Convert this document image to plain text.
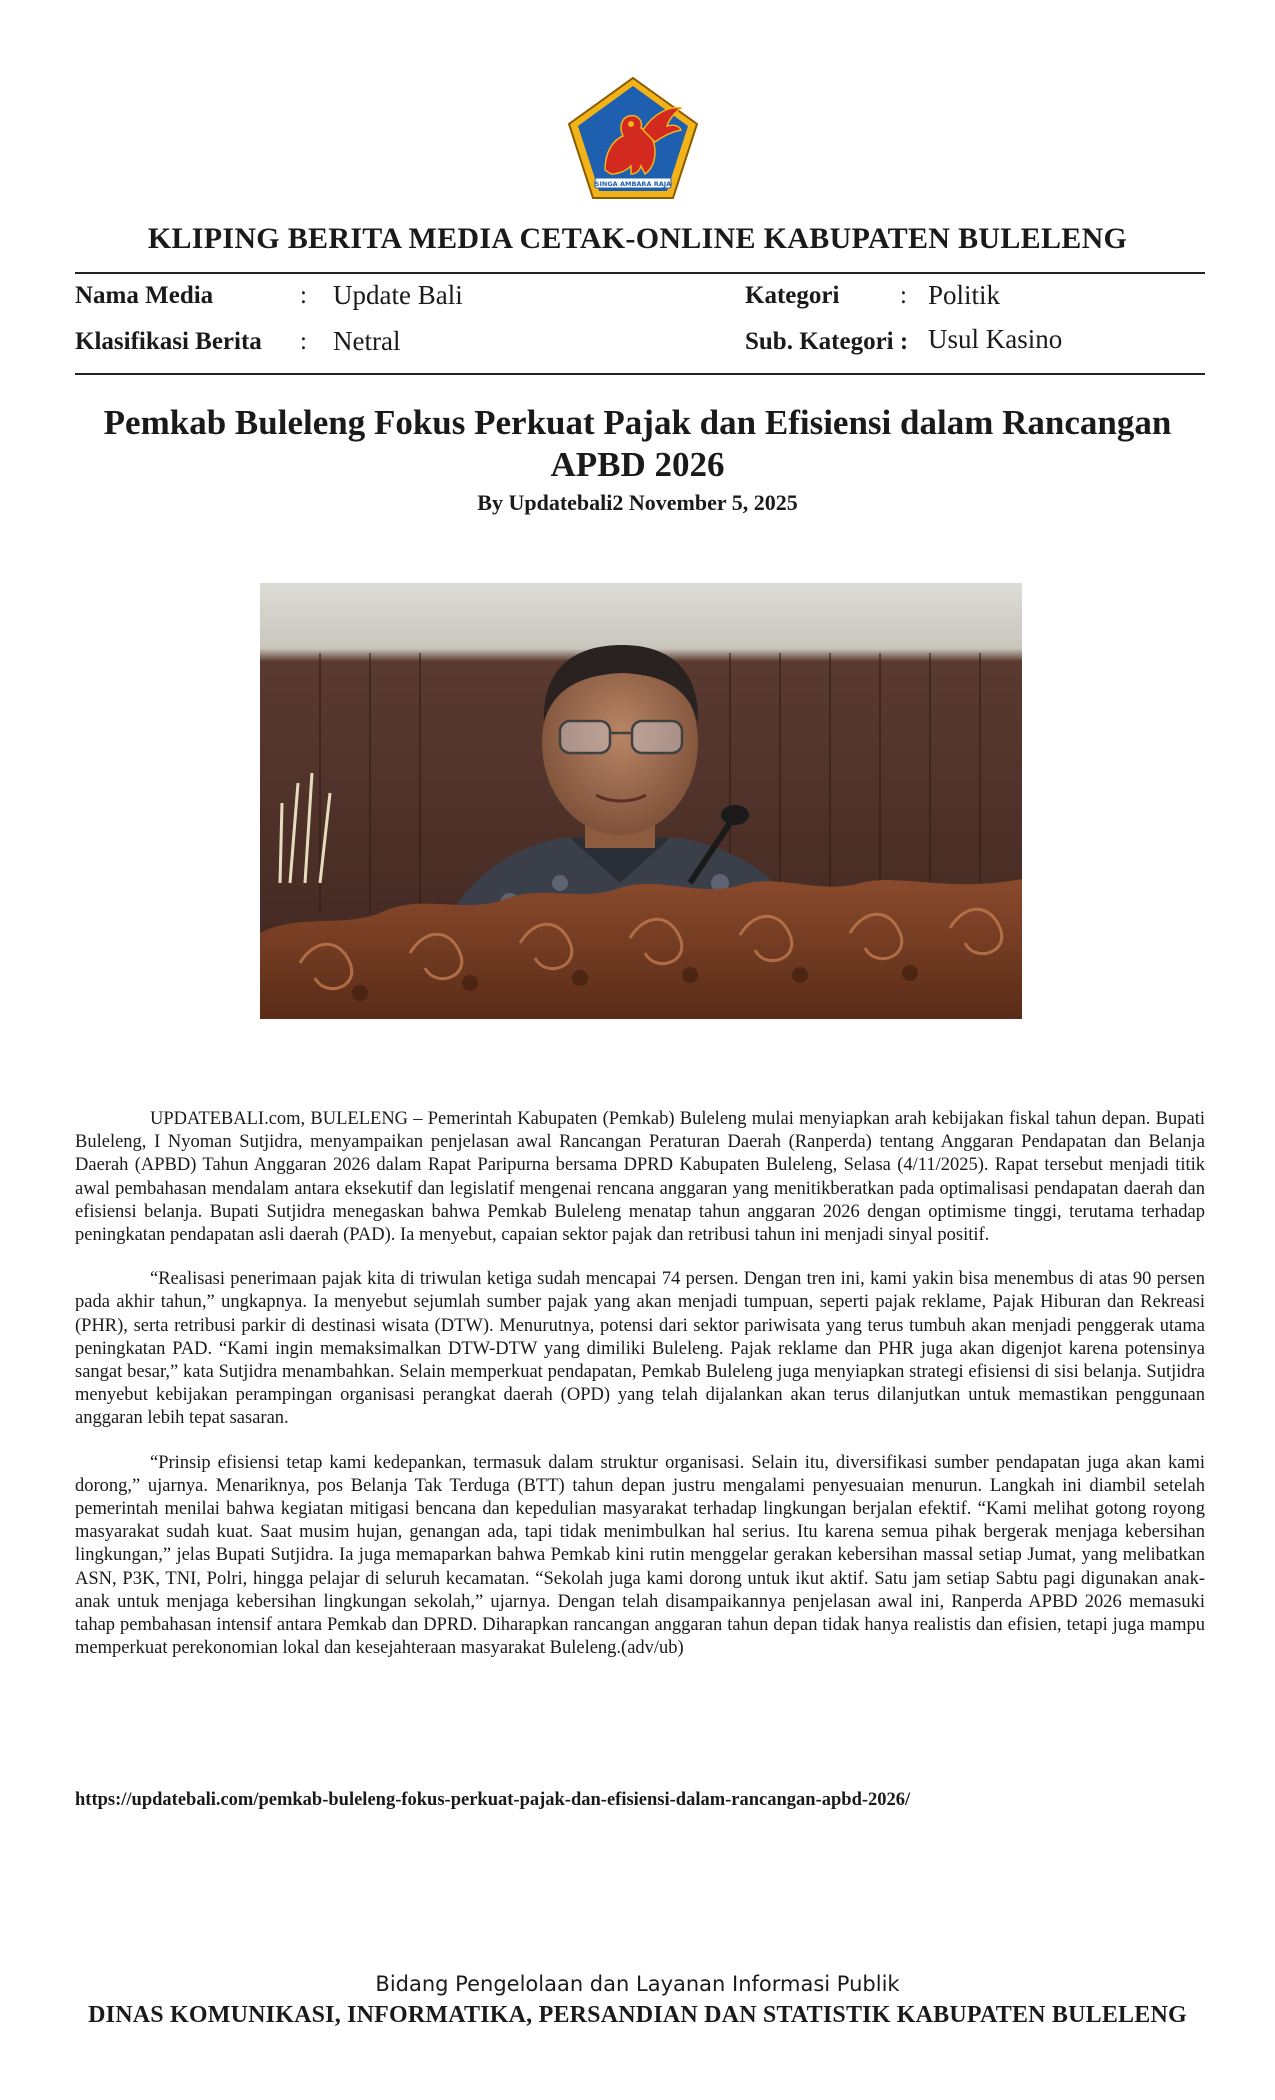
SINGA AMBARA RAJA
KLIPING BERITA MEDIA CETAK-ONLINE KABUPATEN BULELENG
Nama Media	: Update Bali
Klasifikasi Berita : Netral
Kategori : Politik
Sub. Kategori : Usul Kasino
Pemkab Buleleng Fokus Perkuat Pajak dan Efisiensi dalam Rancangan APBD 2026
By Updatebali2 November 5, 2025

UPDATEBALI.com, BULELENG – Pemerintah Kabupaten (Pemkab) Buleleng mulai menyiapkan arah kebijakan fiskal tahun depan. Bupati Buleleng, I Nyoman Sutjidra, menyampaikan penjelasan awal Rancangan Peraturan Daerah (Ranperda) tentang Anggaran Pendapatan dan Belanja Daerah (APBD) Tahun Anggaran 2026 dalam Rapat Paripurna bersama DPRD Kabupaten Buleleng, Selasa (4/11/2025). Rapat tersebut menjadi titik awal pembahasan mendalam antara eksekutif dan legislatif mengenai rencana anggaran yang menitikberatkan pada optimalisasi pendapatan daerah dan efisiensi belanja. Bupati Sutjidra menegaskan bahwa Pemkab Buleleng menatap tahun anggaran 2026 dengan optimisme tinggi, terutama terhadap peningkatan pendapatan asli daerah (PAD). Ia menyebut, capaian sektor pajak dan retribusi tahun ini menjadi sinyal positif.

“Realisasi penerimaan pajak kita di triwulan ketiga sudah mencapai 74 persen. Dengan tren ini, kami yakin bisa menembus di atas 90 persen pada akhir tahun,” ungkapnya. Ia menyebut sejumlah sumber pajak yang akan menjadi tumpuan, seperti pajak reklame, Pajak Hiburan dan Rekreasi (PHR), serta retribusi parkir di destinasi wisata (DTW). Menurutnya, potensi dari sektor pariwisata yang terus tumbuh akan menjadi penggerak utama peningkatan PAD. “Kami ingin memaksimalkan DTW-DTW yang dimiliki Buleleng. Pajak reklame dan PHR juga akan digenjot karena potensinya sangat besar,” kata Sutjidra menambahkan. Selain memperkuat pendapatan, Pemkab Buleleng juga menyiapkan strategi efisiensi di sisi belanja. Sutjidra menyebut kebijakan perampingan organisasi perangkat daerah (OPD) yang telah dijalankan akan terus dilanjutkan untuk memastikan penggunaan anggaran lebih tepat sasaran.

“Prinsip efisiensi tetap kami kedepankan, termasuk dalam struktur organisasi. Selain itu, diversifikasi sumber pendapatan juga akan kami dorong,” ujarnya. Menariknya, pos Belanja Tak Terduga (BTT) tahun depan justru mengalami penyesuaian menurun. Langkah ini diambil setelah pemerintah menilai bahwa kegiatan mitigasi bencana dan kepedulian masyarakat terhadap lingkungan berjalan efektif. “Kami melihat gotong royong masyarakat sudah kuat. Saat musim hujan, genangan ada, tapi tidak menimbulkan hal serius. Itu karena semua pihak bergerak menjaga kebersihan lingkungan,” jelas Bupati Sutjidra. Ia juga memaparkan bahwa Pemkab kini rutin menggelar gerakan kebersihan massal setiap Jumat, yang melibatkan ASN, P3K, TNI, Polri, hingga pelajar di seluruh kecamatan. “Sekolah juga kami dorong untuk ikut aktif. Satu jam setiap Sabtu pagi digunakan anak-anak untuk menjaga kebersihan lingkungan sekolah,” ujarnya. Dengan telah disampaikannya penjelasan awal ini, Ranperda APBD 2026 memasuki tahap pembahasan intensif antara Pemkab dan DPRD. Diharapkan rancangan anggaran tahun depan tidak hanya realistis dan efisien, tetapi juga mampu memperkuat perekonomian lokal dan kesejahteraan masyarakat Buleleng.(adv/ub)

https://updatebali.com/pemkab-buleleng-fokus-perkuat-pajak-dan-efisiensi-dalam-rancangan-apbd-2026/
Bidang Pengelolaan dan Layanan Informasi Publik
DINAS KOMUNIKASI, INFORMATIKA, PERSANDIAN DAN STATISTIK KABUPATEN BULELENG
